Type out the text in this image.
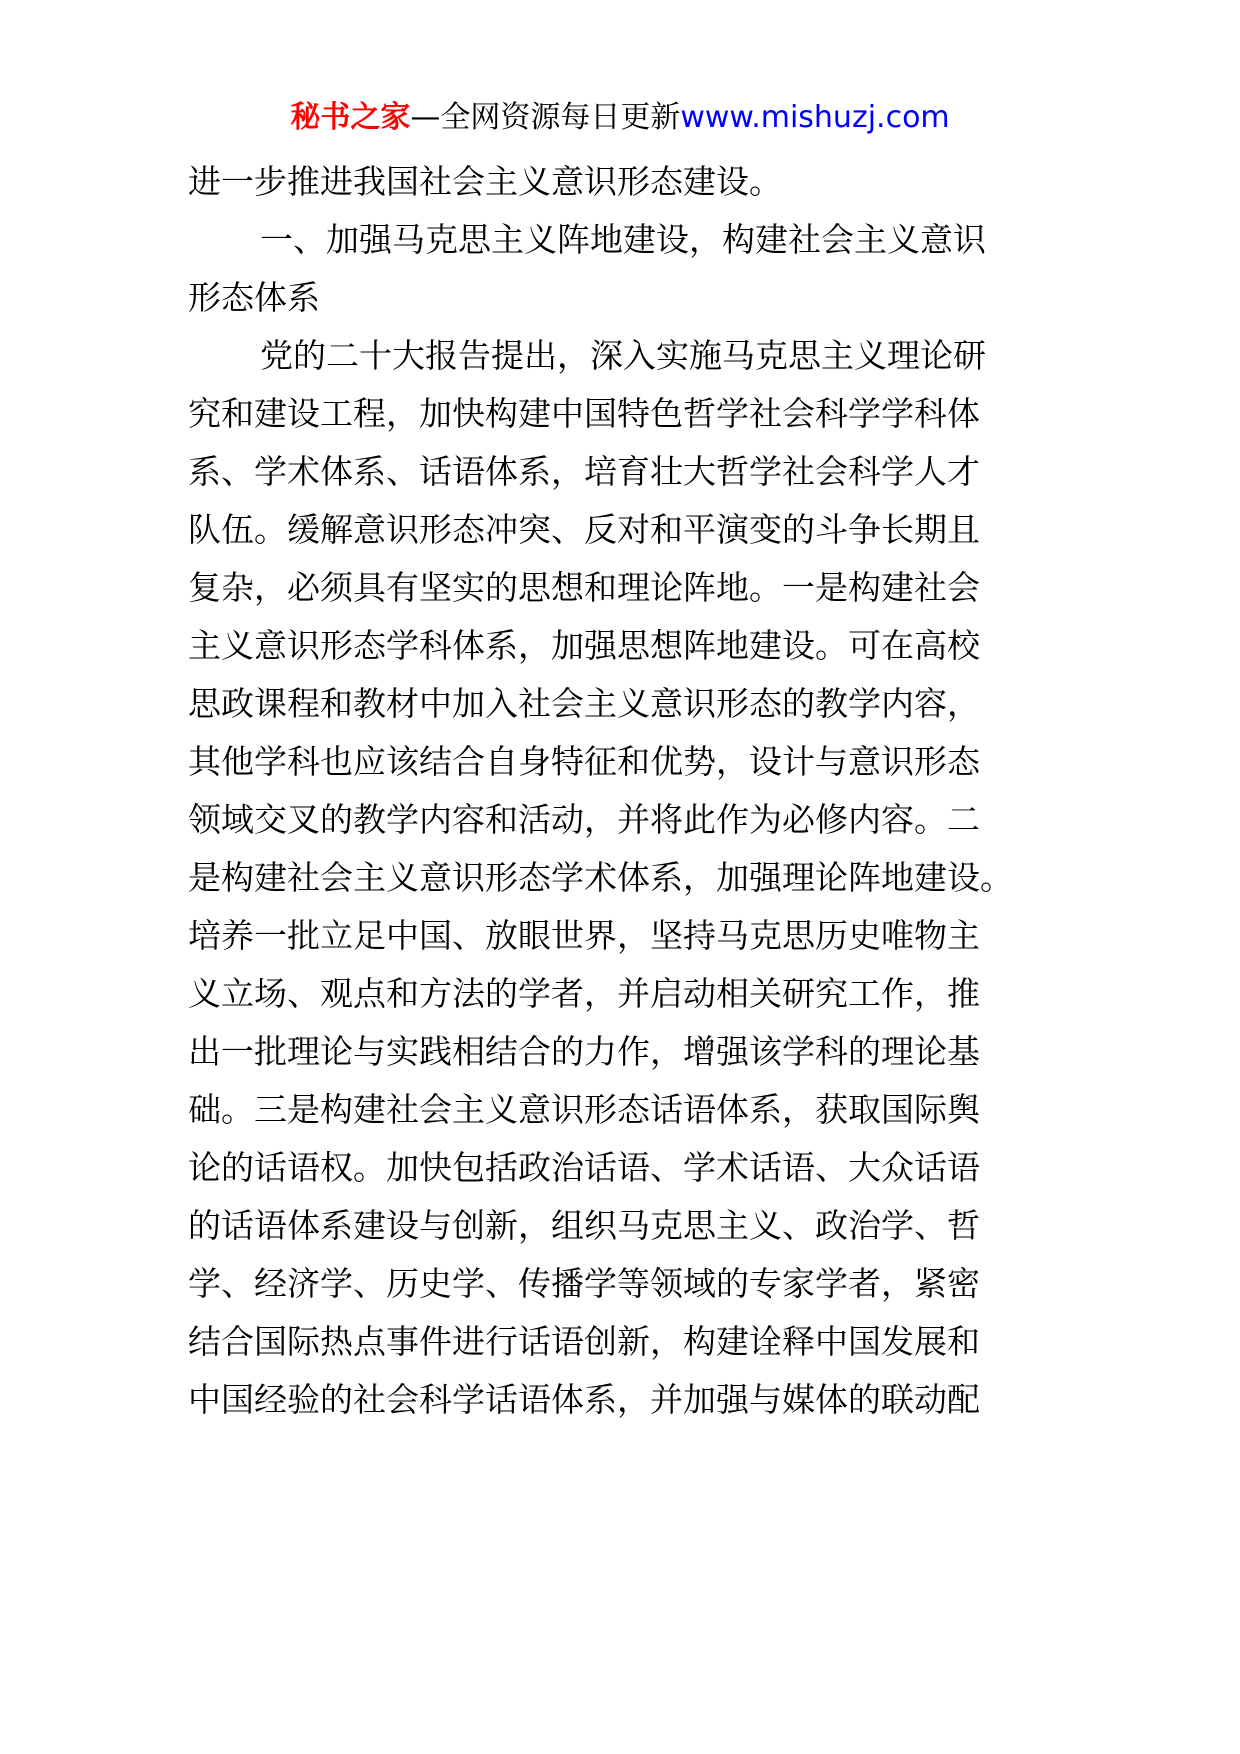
秘书之家—全网资源每日更新www.mishuzj.com
进一步推进我国社会主义意识形态建设。
一、加强马克思主义阵地建设，构建社会主义意识
形态体系
党的二十大报告提出，深入实施马克思主义理论研
究和建设工程，加快构建中国特色哲学社会科学学科体
系、学术体系、话语体系，培育壮大哲学社会科学人才
队伍。缓解意识形态冲突、反对和平演变的斗争长期且
复杂，必须具有坚实的思想和理论阵地。一是构建社会
主义意识形态学科体系，加强思想阵地建设。可在高校
思政课程和教材中加入社会主义意识形态的教学内容，
其他学科也应该结合自身特征和优势，设计与意识形态
领域交叉的教学内容和活动，并将此作为必修内容。二
是构建社会主义意识形态学术体系，加强理论阵地建设。
培养一批立足中国、放眼世界，坚持马克思历史唯物主
义立场、观点和方法的学者，并启动相关研究工作，推
出一批理论与实践相结合的力作，增强该学科的理论基
础。三是构建社会主义意识形态话语体系，获取国际舆
论的话语权。加快包括政治话语、学术话语、大众话语
的话语体系建设与创新，组织马克思主义、政治学、哲
学、经济学、历史学、传播学等领域的专家学者，紧密
结合国际热点事件进行话语创新，构建诠释中国发展和
中国经验的社会科学话语体系，并加强与媒体的联动配
